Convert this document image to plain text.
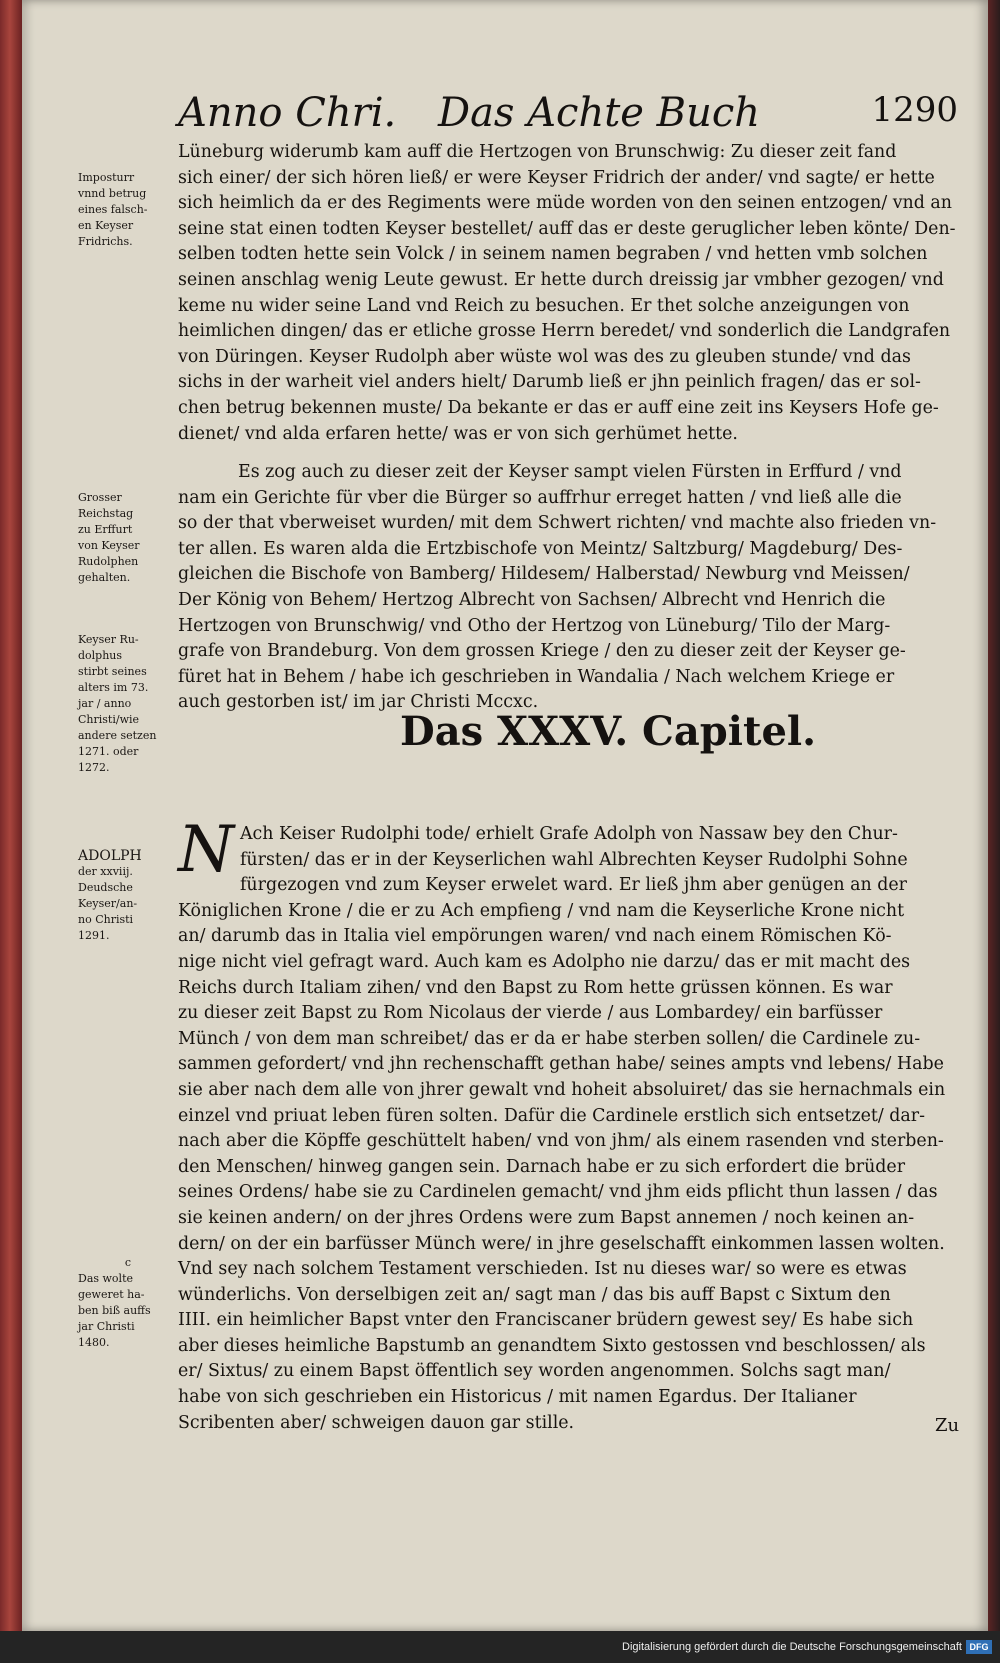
Anno Chri. Das Achte Buch	1290
Imposturr
vnnd betrug
eines falsch-
en Keyser
Fridrichs.
Grosser
Reichstag
zu Erffurt
von Keyser
Rudolphen
gehalten.
Keyser Ru-
dolphus
stirbt seines
alters im 73.
jar / anno
Christi/wie
andere setzen
1271. oder
1272.
ADOLPH
der xxviij.
Deudsche
Keyser/an-
no Christi
1291.
c
Das wolte
geweret ha-
ben biß auffs
jar Christi
1480.
Lüneburg widerumb kam auff die Hertzogen von Brunschwig: Zu dieser zeit fand
sich einer/ der sich hören ließ/ er were Keyser Fridrich der ander/ vnd sagte/ er hette
sich heimlich da er des Regiments were müde worden von den seinen entzogen/ vnd an
seine stat einen todten Keyser bestellet/ auff das er deste geruglicher leben könte/ Den-
selben todten hette sein Volck / in seinem namen begraben / vnd hetten vmb solchen
seinen anschlag wenig Leute gewust. Er hette durch dreissig jar vmbher gezogen/ vnd
keme nu wider seine Land vnd Reich zu besuchen. Er thet solche anzeigungen von
heimlichen dingen/ das er etliche grosse Herrn beredet/ vnd sonderlich die Landgrafen
von Düringen. Keyser Rudolph aber wüste wol was des zu gleuben stunde/ vnd das
sichs in der warheit viel anders hielt/ Darumb ließ er jhn peinlich fragen/ das er sol-
chen betrug bekennen muste/ Da bekante er das er auff eine zeit ins Keysers Hofe ge-
dienet/ vnd alda erfaren hette/ was er von sich gerhümet hette.
Es zog auch zu dieser zeit der Keyser sampt vielen Fürsten in Erffurd / vnd
nam ein Gerichte für vber die Bürger so auffrhur erreget hatten / vnd ließ alle die
so der that vberweiset wurden/ mit dem Schwert richten/ vnd machte also frieden vn-
ter allen. Es waren alda die Ertzbischofe von Meintz/ Saltzburg/ Magdeburg/ Des-
gleichen die Bischofe von Bamberg/ Hildesem/ Halberstad/ Newburg vnd Meissen/
Der König von Behem/ Hertzog Albrecht von Sachsen/ Albrecht vnd Henrich die
Hertzogen von Brunschwig/ vnd Otho der Hertzog von Lüneburg/ Tilo der Marg-
grafe von Brandeburg. Von dem grossen Kriege / den zu dieser zeit der Keyser ge-
füret hat in Behem / habe ich geschrieben in Wandalia / Nach welchem Kriege er
auch gestorben ist/ im jar Christi Mccxc.
Das XXXV. Capitel.
N Ach Keiser Rudolphi tode/ erhielt Grafe Adolph von Nassaw bey den Chur-
fürsten/ das er in der Keyserlichen wahl Albrechten Keyser Rudolphi Sohne
fürgezogen vnd zum Keyser erwelet ward. Er ließ jhm aber genügen an der
Königlichen Krone / die er zu Ach empfieng / vnd nam die Keyserliche Krone nicht
an/ darumb das in Italia viel empörungen waren/ vnd nach einem Römischen Kö-
nige nicht viel gefragt ward. Auch kam es Adolpho nie darzu/ das er mit macht des
Reichs durch Italiam zihen/ vnd den Bapst zu Rom hette grüssen können. Es war
zu dieser zeit Bapst zu Rom Nicolaus der vierde / aus Lombardey/ ein barfüsser
Münch / von dem man schreibet/ das er da er habe sterben sollen/ die Cardinele zu-
sammen gefordert/ vnd jhn rechenschafft gethan habe/ seines ampts vnd lebens/ Habe
sie aber nach dem alle von jhrer gewalt vnd hoheit absoluiret/ das sie hernachmals ein
einzel vnd priuat leben füren solten. Dafür die Cardinele erstlich sich entsetzet/ dar-
nach aber die Köpffe geschüttelt haben/ vnd von jhm/ als einem rasenden vnd sterben-
den Menschen/ hinweg gangen sein. Darnach habe er zu sich erfordert die brüder
seines Ordens/ habe sie zu Cardinelen gemacht/ vnd jhm eids pflicht thun lassen / das
sie keinen andern/ on der jhres Ordens were zum Bapst annemen / noch keinen an-
dern/ on der ein barfüsser Münch were/ in jhre geselschafft einkommen lassen wolten.
Vnd sey nach solchem Testament verschieden. Ist nu dieses war/ so were es etwas
wünderlichs. Von derselbigen zeit an/ sagt man / das bis auff Bapst c Sixtum den
IIII. ein heimlicher Bapst vnter den Franciscaner brüdern gewest sey/ Es habe sich
aber dieses heimliche Bapstumb an genandtem Sixto gestossen vnd beschlossen/ als
er/ Sixtus/ zu einem Bapst öffentlich sey worden angenommen. Solchs sagt man/
habe von sich geschrieben ein Historicus / mit namen Egardus. Der Italianer
Scribenten aber/ schweigen dauon gar stille.	Zu
Digitalisierung gefördert durch die Deutsche Forschungsgemeinschaft DFG
